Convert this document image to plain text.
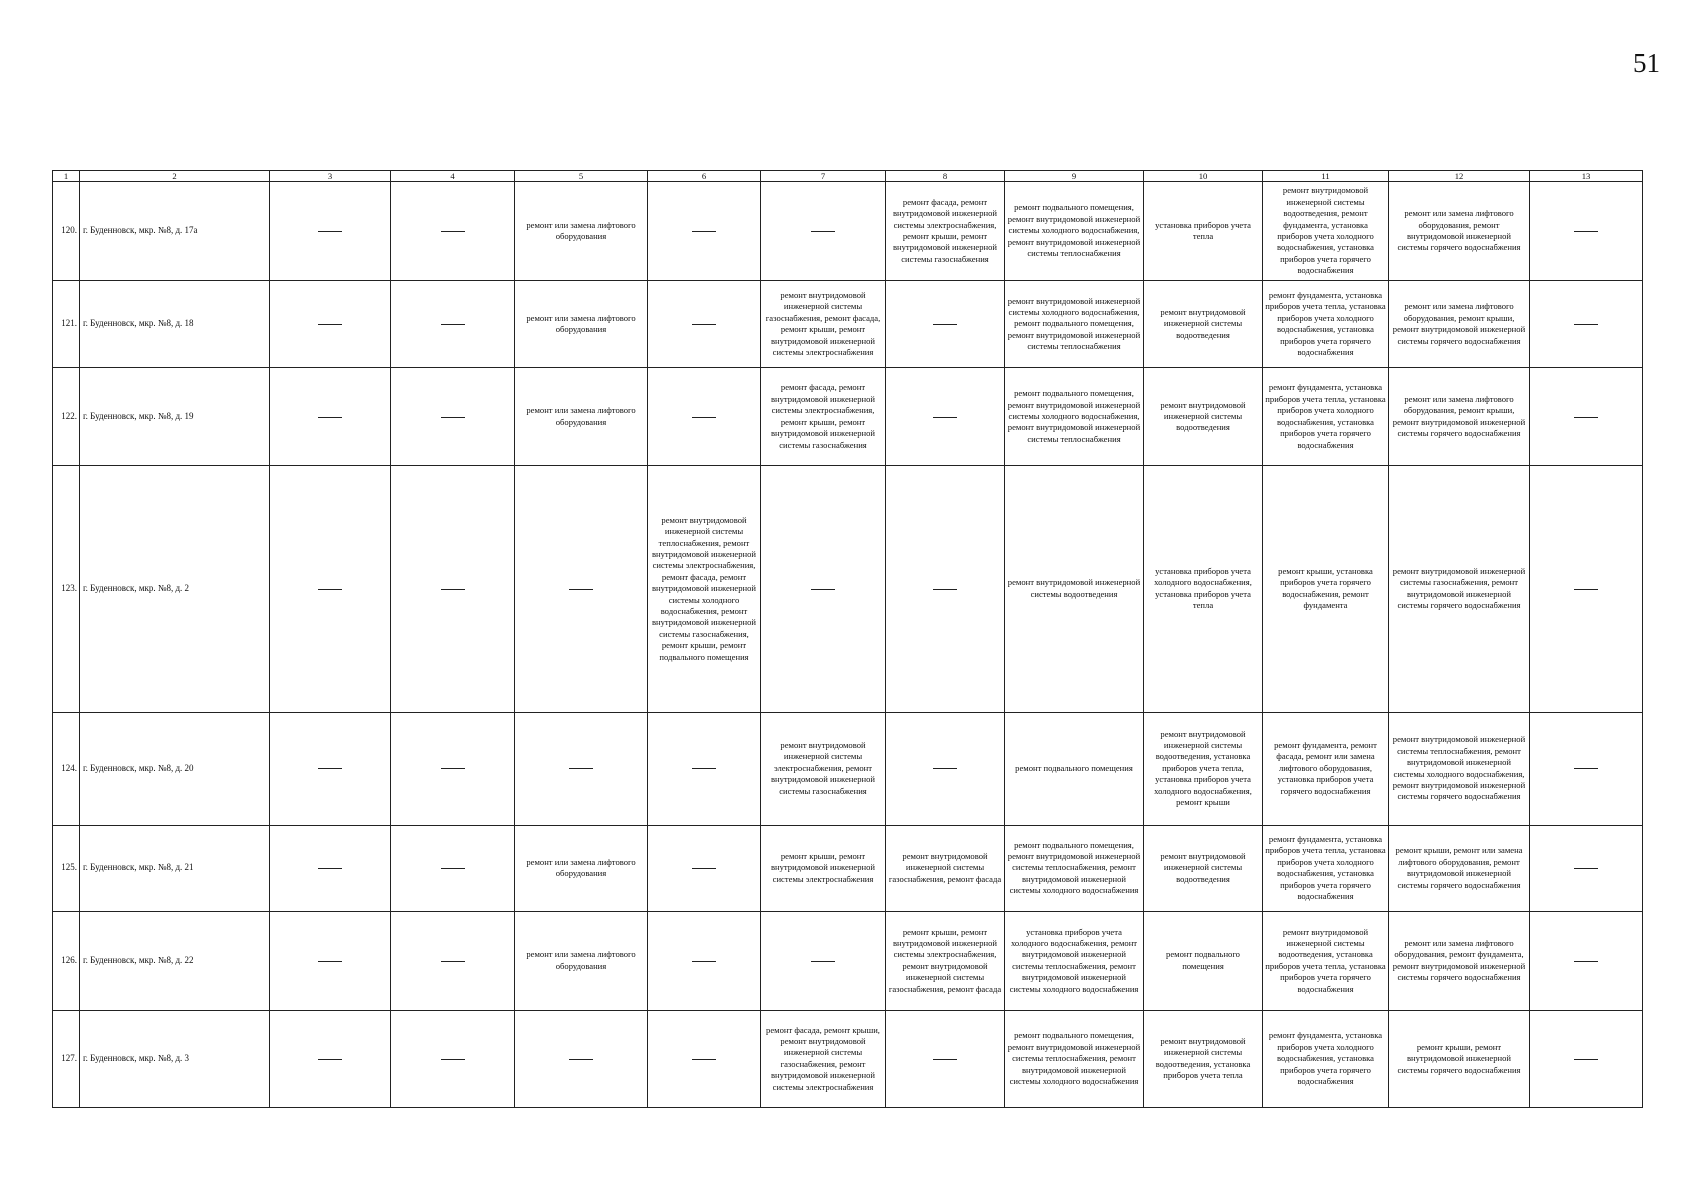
51
1	2	3	4	5	6	7	8	9	10	11	12	13
120.	г. Буденновск, мкр. №8, д. 17а			ремонт или замена лифтового оборудования			ремонт фасада, ремонт внутридомовой инженерной системы электроснабжения, ремонт крыши, ремонт внутридомовой инженерной системы газоснабжения	ремонт подвального помещения, ремонт внутридомовой инженерной системы холодного водоснабжения, ремонт внутридомовой инженерной системы теплоснабжения	установка приборов учета тепла	ремонт внутридомовой инженерной системы водоотведения, ремонт фундамента, установка приборов учета холодного водоснабжения, установка приборов учета горячего водоснабжения	ремонт или замена лифтового оборудования, ремонт внутридомовой инженерной системы горячего водоснабжения	
121.	г. Буденновск, мкр. №8, д. 18			ремонт или замена лифтового оборудования		ремонт внутридомовой инженерной системы газоснабжения, ремонт фасада, ремонт крыши, ремонт внутридомовой инженерной системы электроснабжения		ремонт внутридомовой инженерной системы холодного водоснабжения, ремонт подвального помещения, ремонт внутридомовой инженерной системы теплоснабжения	ремонт внутридомовой инженерной системы водоотведения	ремонт фундамента, установка приборов учета тепла, установка приборов учета холодного водоснабжения, установка приборов учета горячего водоснабжения	ремонт или замена лифтового оборудования, ремонт крыши, ремонт внутридомовой инженерной системы горячего водоснабжения	
122.	г. Буденновск, мкр. №8, д. 19			ремонт или замена лифтового оборудования		ремонт фасада, ремонт внутридомовой инженерной системы электроснабжения, ремонт крыши, ремонт внутридомовой инженерной системы газоснабжения		ремонт подвального помещения, ремонт внутридомовой инженерной системы холодного водоснабжения, ремонт внутридомовой инженерной системы теплоснабжения	ремонт внутридомовой инженерной системы водоотведения	ремонт фундамента, установка приборов учета тепла, установка приборов учета холодного водоснабжения, установка приборов учета горячего водоснабжения	ремонт или замена лифтового оборудования, ремонт крыши, ремонт внутридомовой инженерной системы горячего водоснабжения	
123.	г. Буденновск, мкр. №8, д. 2				ремонт внутридомовой инженерной системы теплоснабжения, ремонт внутридомовой инженерной системы электроснабжения, ремонт фасада, ремонт внутридомовой инженерной системы холодного водоснабжения, ремонт внутридомовой инженерной системы газоснабжения, ремонт крыши, ремонт подвального помещения			ремонт внутридомовой инженерной системы водоотведения	установка приборов учета холодного водоснабжения, установка приборов учета тепла	ремонт крыши, установка приборов учета горячего водоснабжения, ремонт фундамента	ремонт внутридомовой инженерной системы газоснабжения, ремонт внутридомовой инженерной системы горячего водоснабжения	
124.	г. Буденновск, мкр. №8, д. 20					ремонт внутридомовой инженерной системы электроснабжения, ремонт внутридомовой инженерной системы газоснабжения		ремонт подвального помещения	ремонт внутридомовой инженерной системы водоотведения, установка приборов учета тепла, установка приборов учета холодного водоснабжения, ремонт крыши	ремонт фундамента, ремонт фасада, ремонт или замена лифтового оборудования, установка приборов учета горячего водоснабжения	ремонт внутридомовой инженерной системы теплоснабжения, ремонт внутридомовой инженерной системы холодного водоснабжения, ремонт внутридомовой инженерной системы горячего водоснабжения	
125.	г. Буденновск, мкр. №8, д. 21			ремонт или замена лифтового оборудования		ремонт крыши, ремонт внутридомовой инженерной системы электроснабжения	ремонт внутридомовой инженерной системы газоснабжения, ремонт фасада	ремонт подвального помещения, ремонт внутридомовой инженерной системы теплоснабжения, ремонт внутридомовой инженерной системы холодного водоснабжения	ремонт внутридомовой инженерной системы водоотведения	ремонт фундамента, установка приборов учета тепла, установка приборов учета холодного водоснабжения, установка приборов учета горячего водоснабжения	ремонт крыши, ремонт или замена лифтового оборудования, ремонт внутридомовой инженерной системы горячего водоснабжения	
126.	г. Буденновск, мкр. №8, д. 22			ремонт или замена лифтового оборудования			ремонт крыши, ремонт внутридомовой инженерной системы электроснабжения, ремонт внутридомовой инженерной системы газоснабжения, ремонт фасада	установка приборов учета холодного водоснабжения, ремонт внутридомовой инженерной системы теплоснабжения, ремонт внутридомовой инженерной системы холодного водоснабжения	ремонт подвального помещения	ремонт внутридомовой инженерной системы водоотведения, установка приборов учета тепла, установка приборов учета горячего водоснабжения	ремонт или замена лифтового оборудования, ремонт фундамента, ремонт внутридомовой инженерной системы горячего водоснабжения	
127.	г. Буденновск, мкр. №8, д. 3					ремонт фасада, ремонт крыши, ремонт внутридомовой инженерной системы газоснабжения, ремонт внутридомовой инженерной системы электроснабжения		ремонт подвального помещения, ремонт внутридомовой инженерной системы теплоснабжения, ремонт внутридомовой инженерной системы холодного водоснабжения	ремонт внутридомовой инженерной системы водоотведения, установка приборов учета тепла	ремонт фундамента, установка приборов учета холодного водоснабжения, установка приборов учета горячего водоснабжения	ремонт крыши, ремонт внутридомовой инженерной системы горячего водоснабжения	
